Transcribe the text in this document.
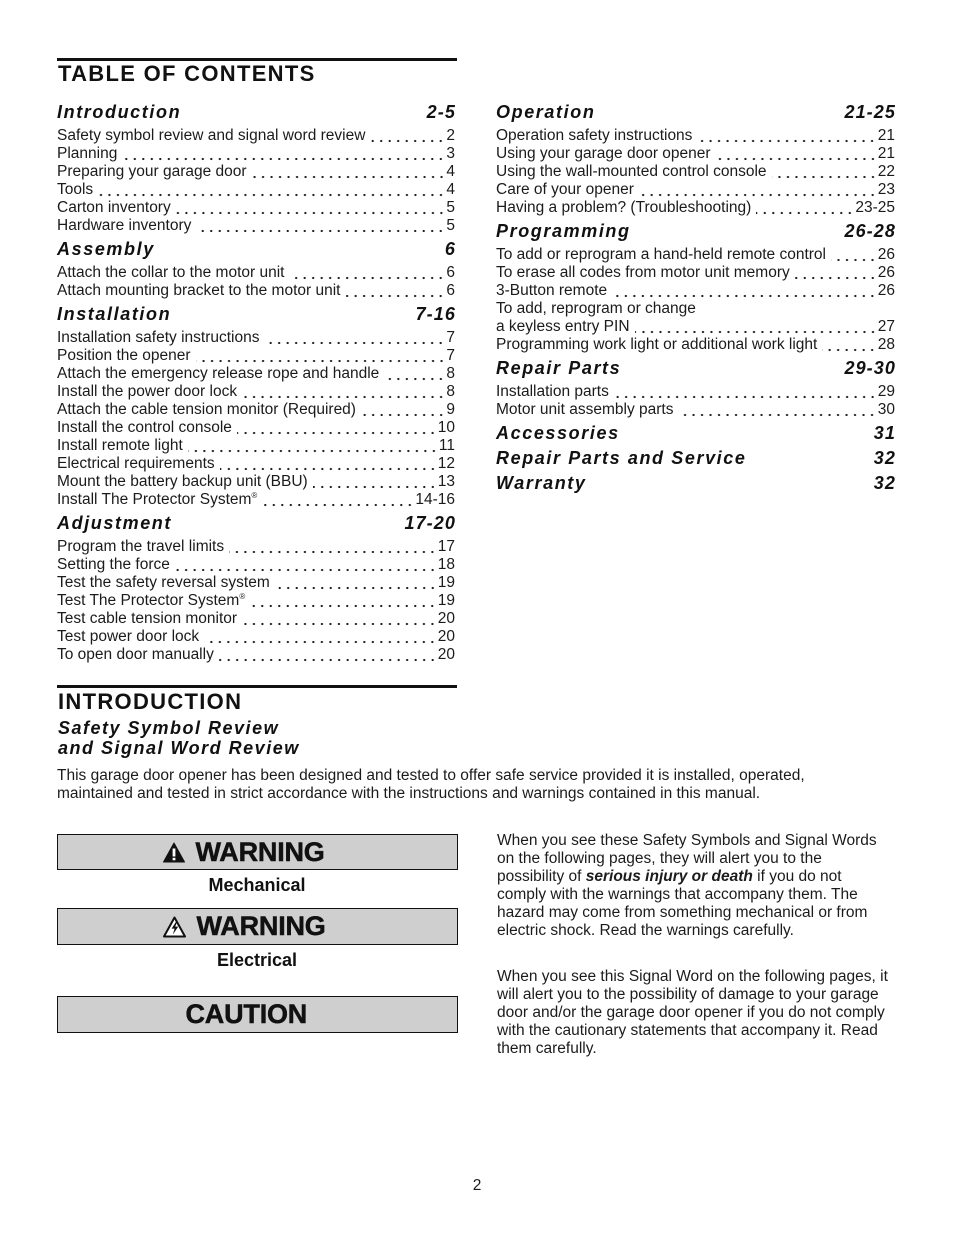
TABLE OF CONTENTS
Introduction	2-5
Safety symbol review and signal word review	2
Planning	3
Preparing your garage door	4
Tools	4
Carton inventory	5
Hardware inventory	5
Assembly	6
Attach the collar to the motor unit	6
Attach mounting bracket to the motor unit	6
Installation	7-16
Installation safety instructions	7
Position the opener	7
Attach the emergency release rope and handle	8
Install the power door lock	8
Attach the cable tension monitor (Required)	9
Install the control console	10
Install remote light	11
Electrical requirements	12
Mount the battery backup unit (BBU)	13
Install The Protector System®	14-16
Adjustment	17-20
Program the travel limits	17
Setting the force	18
Test the safety reversal system	19
Test The Protector System®	19
Test cable tension monitor	20
Test power door lock	20
To open door manually	20
Operation	21-25
Operation safety instructions	21
Using your garage door opener	21
Using the wall-mounted control console	22
Care of your opener	23
Having a problem? (Troubleshooting)	23-25
Programming	26-28
To add or reprogram a hand-held remote control	26
To erase all codes from motor unit memory	26
3-Button remote	26
To add, reprogram or change
a keyless entry PIN	27
Programming work light or additional work light	28
Repair Parts	29-30
Installation parts	29
Motor unit assembly parts	30
Accessories	31
Repair Parts and Service	32
Warranty	32
INTRODUCTION
Safety Symbol Review
and Signal Word Review
This garage door opener has been designed and tested to offer safe service provided it is installed, operated,
maintained and tested in strict accordance with the instructions and warnings contained in this manual.
WARNING
Mechanical
WARNING
Electrical
CAUTION
When you see these Safety Symbols and Signal Words
on the following pages, they will alert you to the
possibility of serious injury or death if you do not
comply with the warnings that accompany them. The
hazard may come from something mechanical or from
electric shock. Read the warnings carefully.
When you see this Signal Word on the following pages, it
will alert you to the possibility of damage to your garage
door and/or the garage door opener if you do not comply
with the cautionary statements that accompany it. Read
them carefully.
2
